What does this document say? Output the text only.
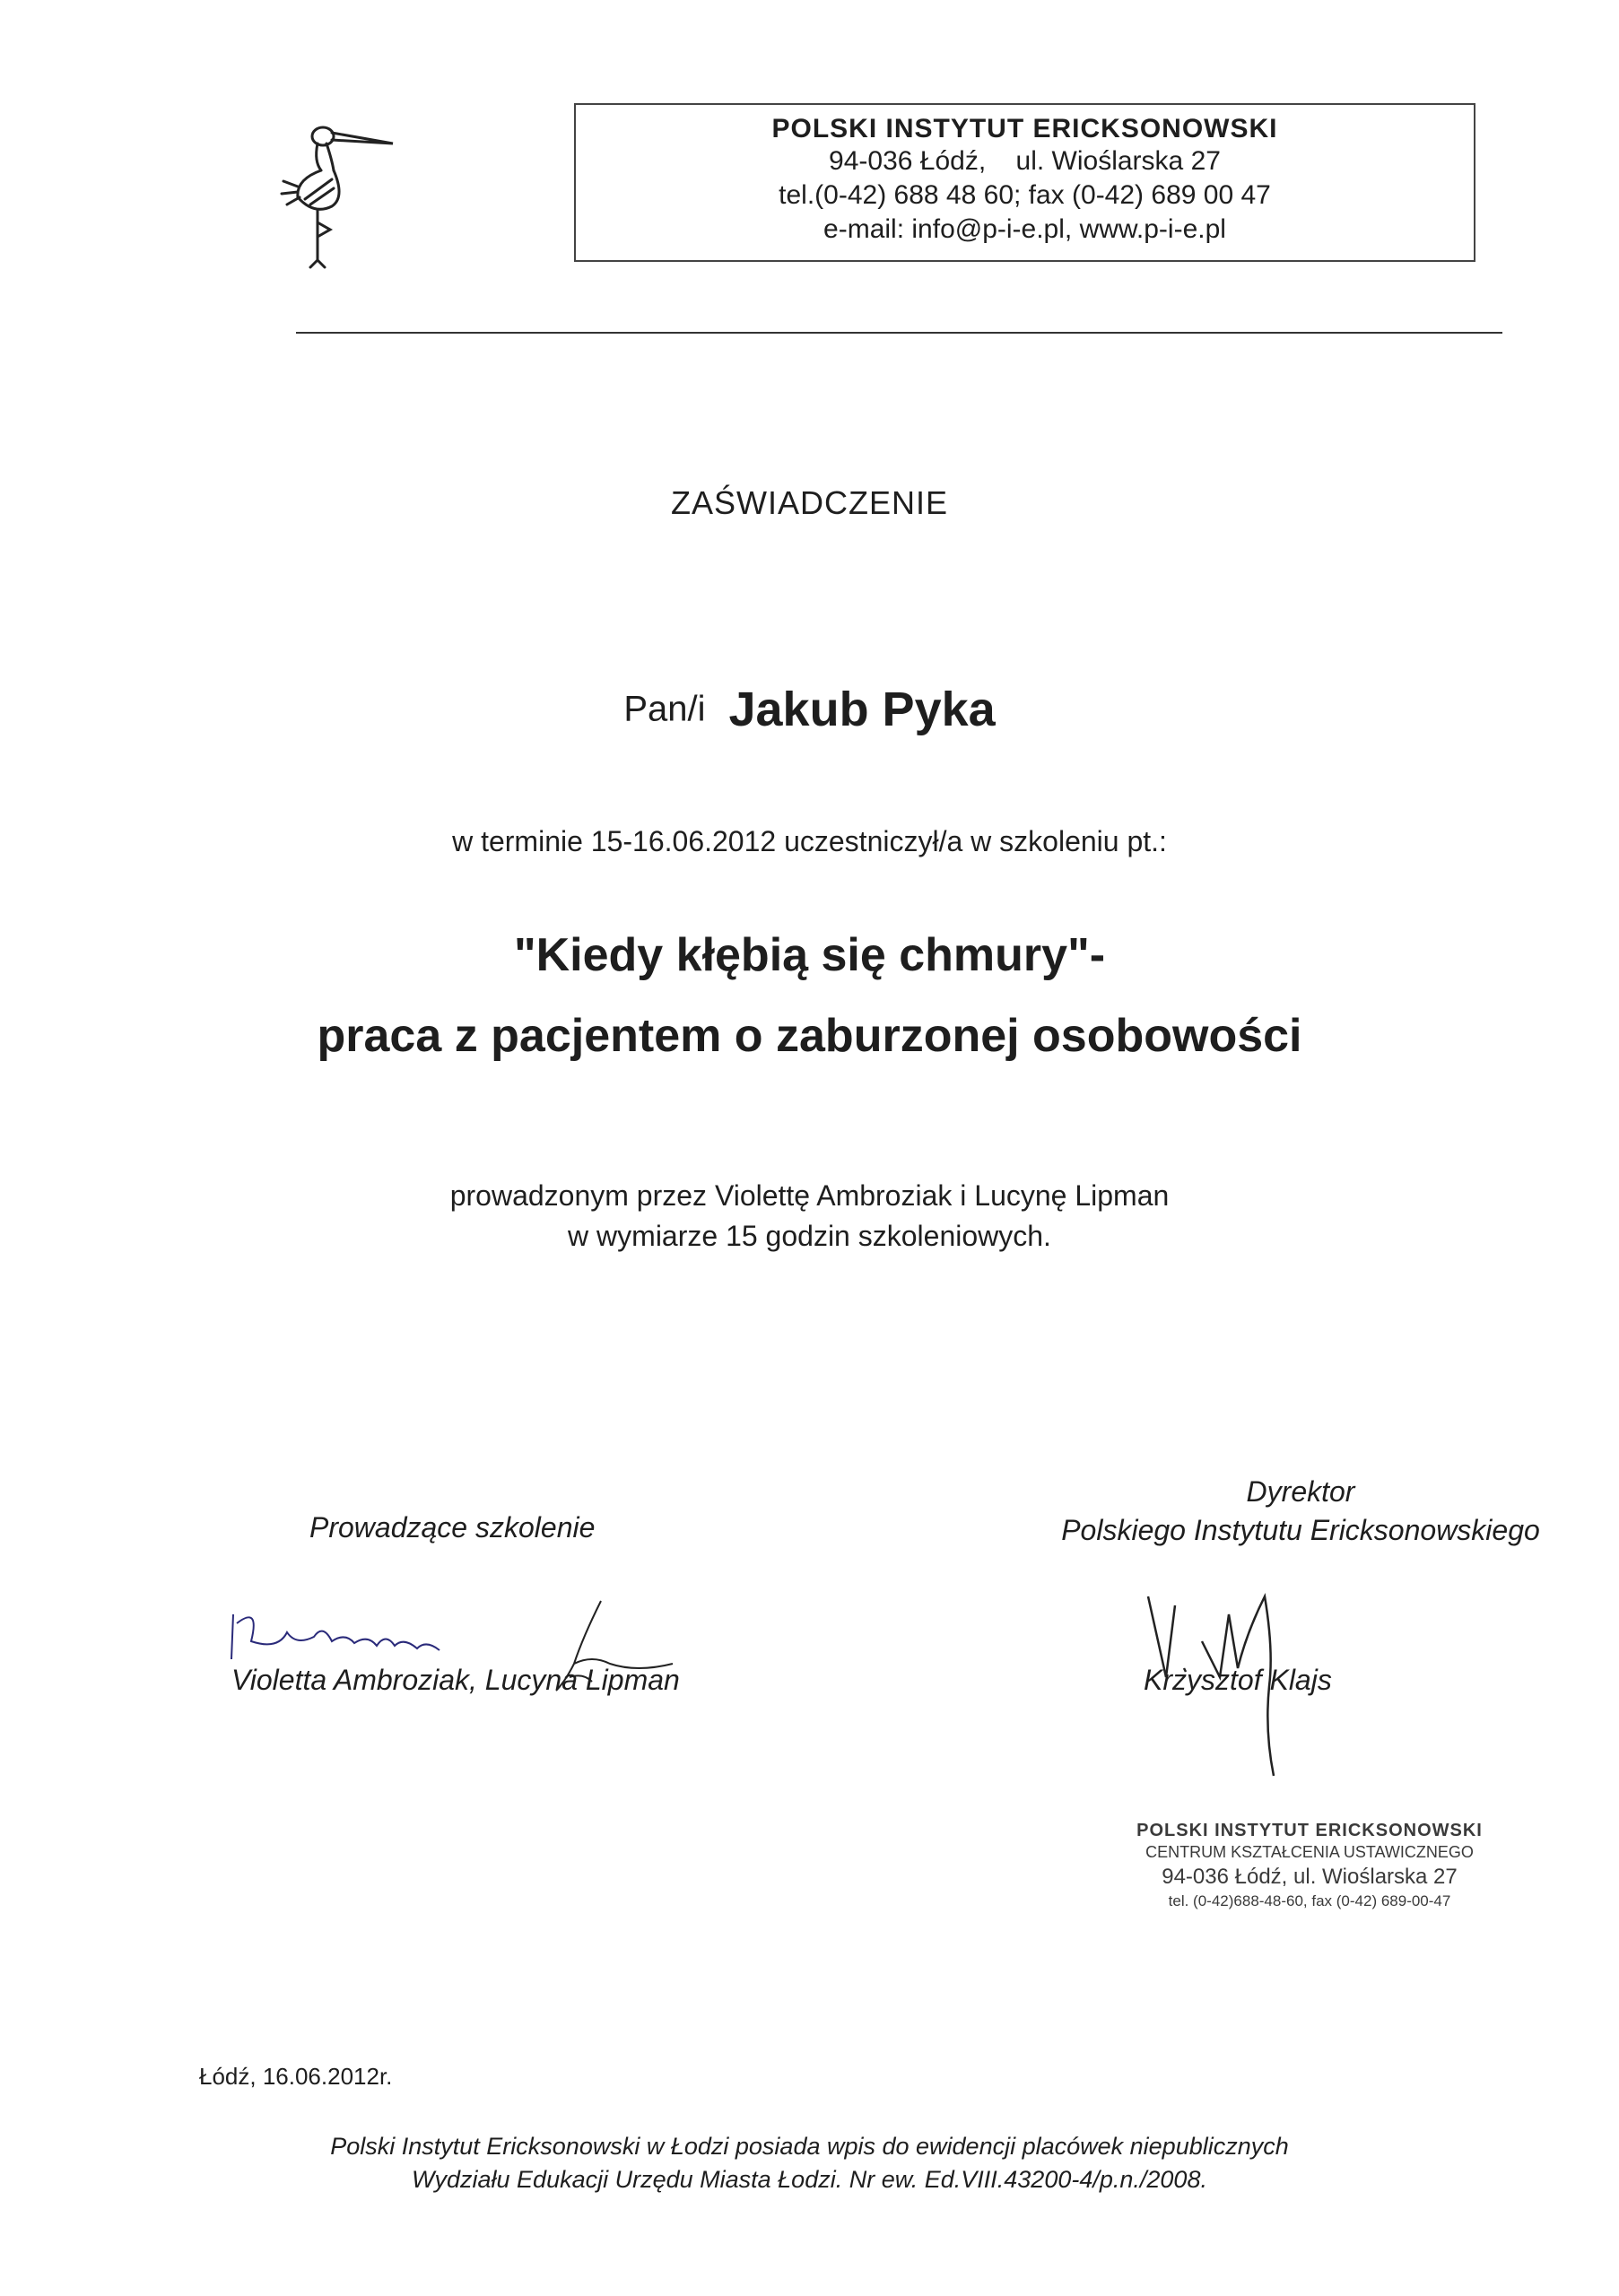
POLSKI INSTYTUT ERICKSONOWSKI
94-036 Łódź,    ul. Wioślarska 27
tel.(0-42) 688 48 60; fax (0-42) 689 00 47
e-mail: info@p-i-e.pl, www.p-i-e.pl
ZAŚWIADCZENIE
Pan/i Jakub Pyka
w terminie 15-16.06.2012 uczestniczył/a w szkoleniu pt.:
"Kiedy kłębią się chmury"-
praca z pacjentem o zaburzonej osobowości
prowadzonym przez Violettę Ambroziak i Lucynę Lipman
w wymiarze 15 godzin szkoleniowych.
Prowadzące szkolenie
Violetta Ambroziak, Lucyna Lipman
Dyrektor
Polskiego Instytutu Ericksonowskiego
Krzysztof Klajs
POLSKI INSTYTUT ERICKSONOWSKI
CENTRUM KSZTAŁCENIA USTAWICZNEGO
94-036 Łódź, ul. Wioślarska 27
tel. (0-42)688-48-60, fax (0-42) 689-00-47
Łódź, 16.06.2012r.
Polski Instytut Ericksonowski w Łodzi posiada wpis do ewidencji placówek niepublicznych
Wydziału Edukacji Urzędu Miasta Łodzi. Nr ew. Ed.VIII.43200-4/p.n./2008.
